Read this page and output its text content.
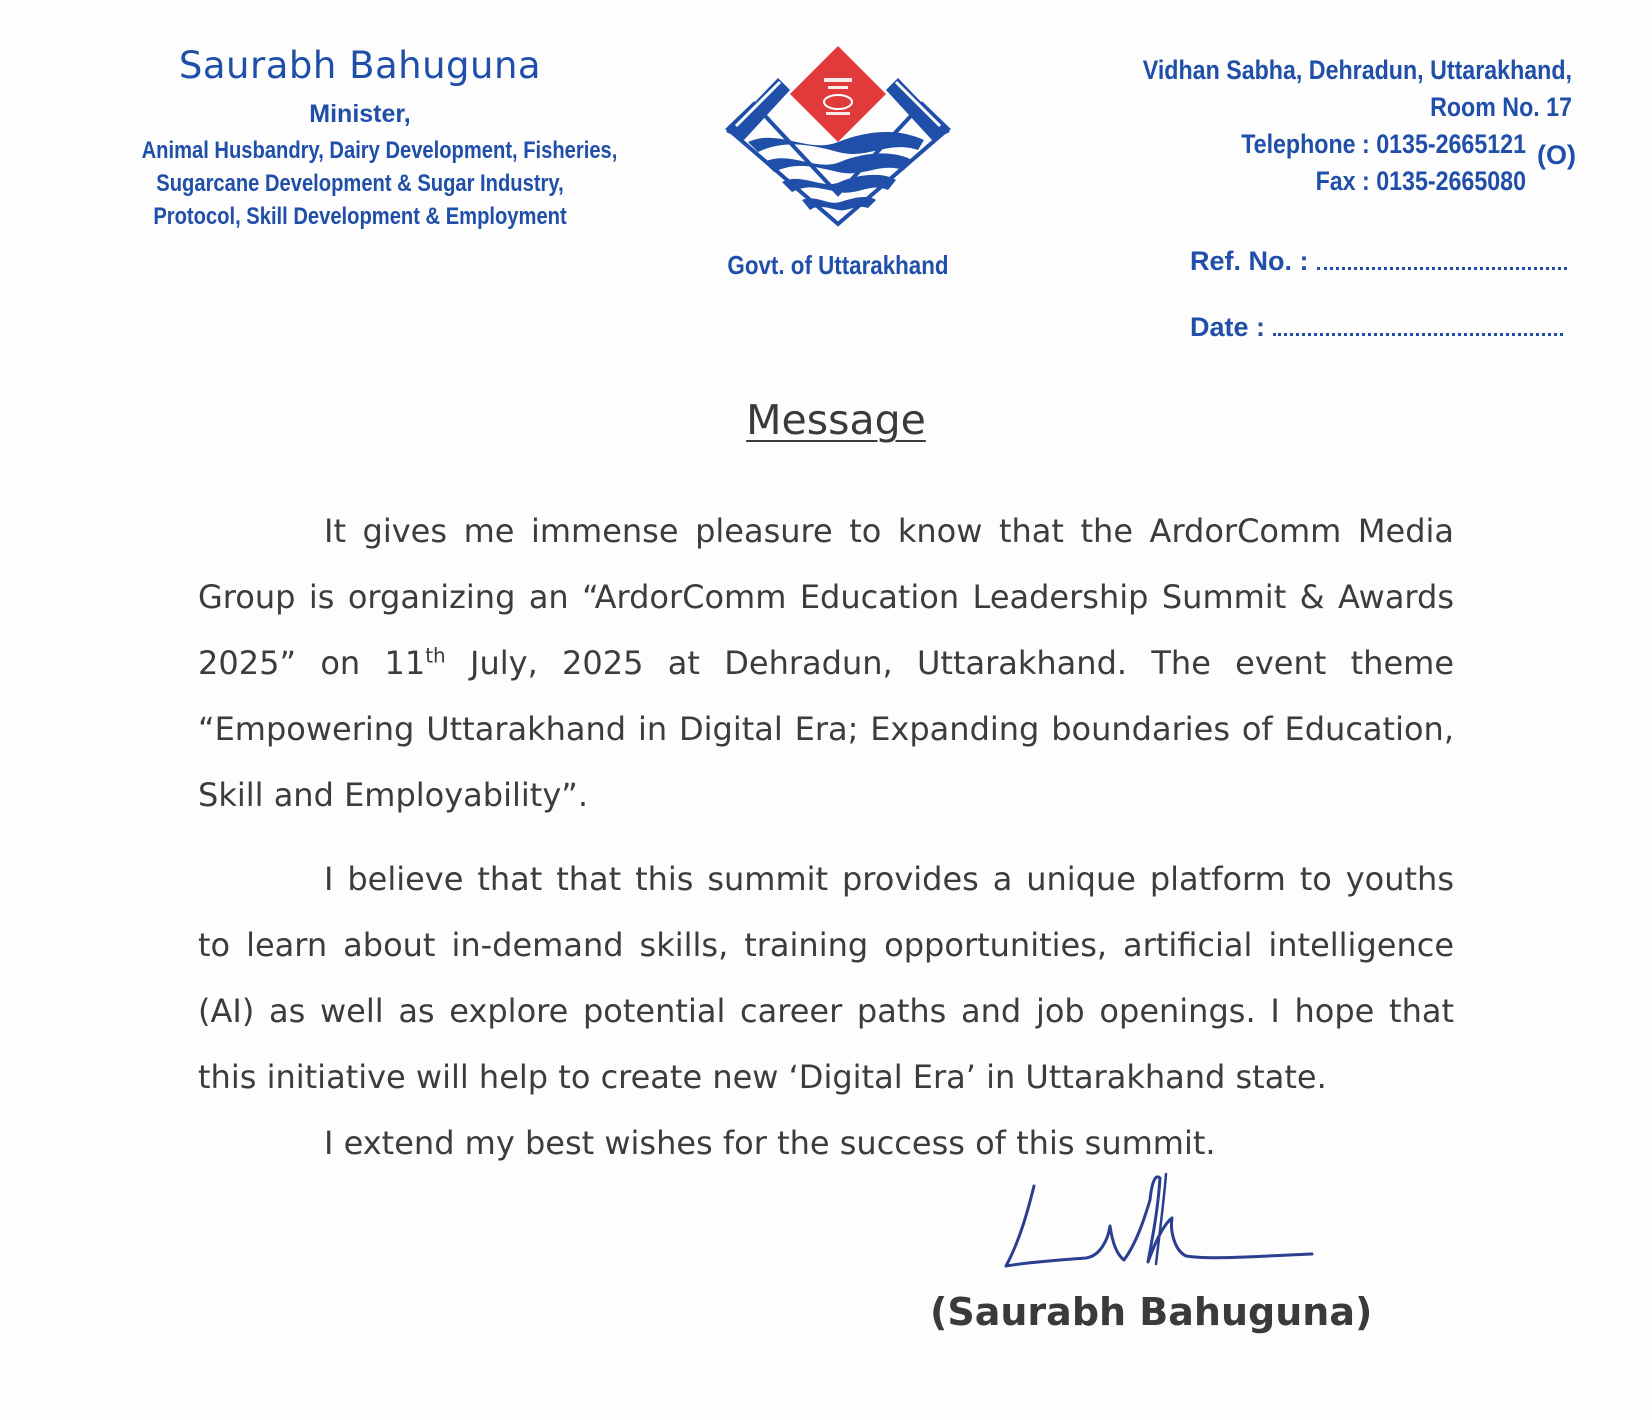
Saurabh Bahuguna
Minister,
Animal Husbandry, Dairy Development, Fisheries,
Sugarcane Development & Sugar Industry,
Protocol, Skill Development & Employment
Govt. of Uttarakhand
Vidhan Sabha, Dehradun, Uttarakhand,
Room No. 17
Telephone : 0135-2665121
Fax : 0135-2665080
(O)
Ref. No. :
Date :
Message

It gives me immense pleasure to know that the ArdorComm Media Group is organizing an “ArdorComm Education Leadership Summit & Awards 2025” on 11th July, 2025 at Dehradun, Uttarakhand. The event theme “Empowering Uttarakhand in Digital Era; Expanding boundaries of Education, Skill and Employability”.

I believe that that this summit provides a unique platform to youths to learn about in-demand skills, training opportunities, artificial intelligence (AI) as well as explore potential career paths and job openings. I hope that this initiative will help to create new ‘Digital Era’ in Uttarakhand state.

I extend my best wishes for the success of this summit.

(Saurabh Bahuguna)
